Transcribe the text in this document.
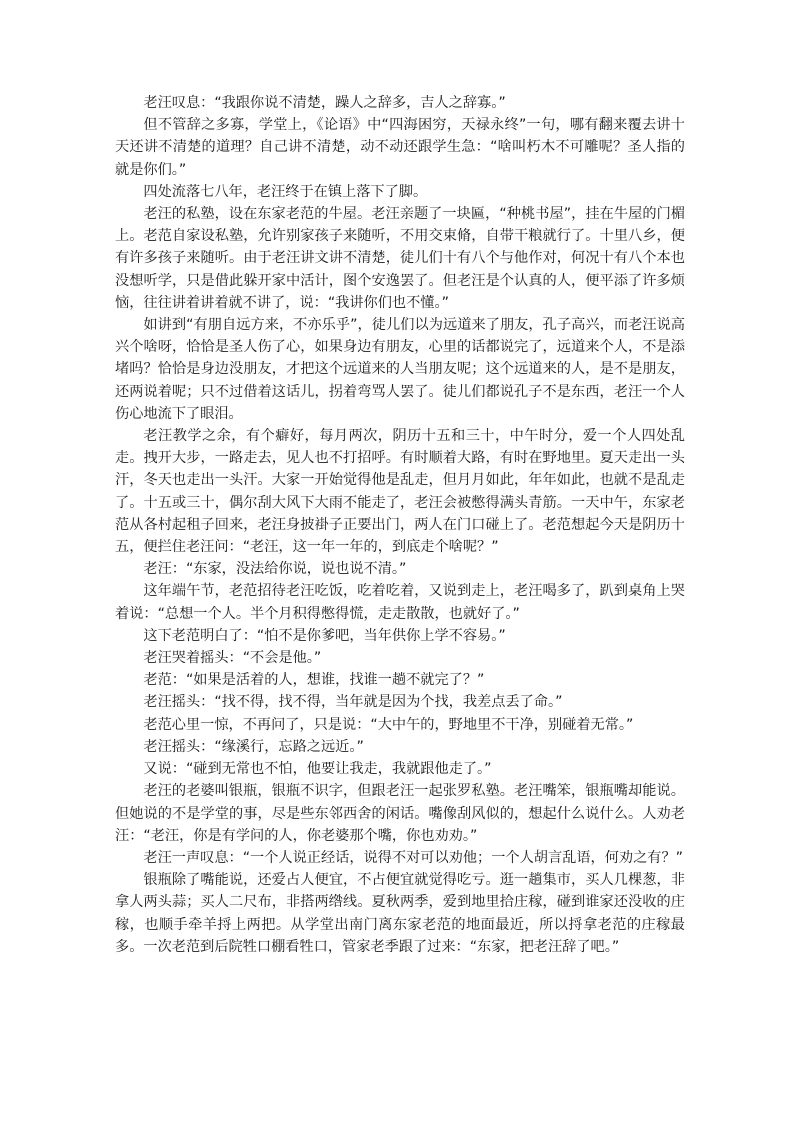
老汪叹息：“我跟你说不清楚，躁人之辞多，吉人之辞寡。”

但不管辞之多寡，学堂上，《论语》中“四海困穷，天禄永终”一句，哪有翻来覆去讲十天还讲不清楚的道理？自己讲不清楚，动不动还跟学生急：“啥叫朽木不可雕呢？圣人指的就是你们。”

四处流落七八年，老汪终于在镇上落下了脚。

老汪的私塾，设在东家老范的牛屋。老汪亲题了一块匾，“种桃书屋”，挂在牛屋的门楣上。老范自家设私塾，允许别家孩子来随听，不用交束脩，自带干粮就行了。十里八乡，便有许多孩子来随听。由于老汪讲文讲不清楚，徒儿们十有八个与他作对，何况十有八个本也没想听学，只是借此躲开家中活计，图个安逸罢了。但老汪是个认真的人，便平添了许多烦恼，往往讲着讲着就不讲了，说：“我讲你们也不懂。”

如讲到“有朋自远方来，不亦乐乎”，徒儿们以为远道来了朋友，孔子高兴，而老汪说高兴个啥呀，恰恰是圣人伤了心，如果身边有朋友，心里的话都说完了，远道来个人，不是添堵吗？恰恰是身边没朋友，才把这个远道来的人当朋友呢；这个远道来的人，是不是朋友，还两说着呢；只不过借着这话儿，拐着弯骂人罢了。徒儿们都说孔子不是东西，老汪一个人伤心地流下了眼泪。

老汪教学之余，有个癖好，每月两次，阴历十五和三十，中午时分，爱一个人四处乱走。拽开大步，一路走去，见人也不打招呼。有时顺着大路，有时在野地里。夏天走出一头汗，冬天也走出一头汗。大家一开始觉得他是乱走，但月月如此，年年如此，也就不是乱走了。十五或三十，偶尔刮大风下大雨不能走了，老汪会被憋得满头青筋。一天中午，东家老范从各村起租子回来，老汪身披褂子正要出门，两人在门口碰上了。老范想起今天是阴历十五，便拦住老汪问：“老汪，这一年一年的，到底走个啥呢？”

老汪：“东家，没法给你说，说也说不清。”

这年端午节，老范招待老汪吃饭，吃着吃着，又说到走上，老汪喝多了，趴到桌角上哭着说：“总想一个人。半个月积得憋得慌，走走散散，也就好了。”

这下老范明白了：“怕不是你爹吧，当年供你上学不容易。”

老汪哭着摇头：“不会是他。”

老范：“如果是活着的人，想谁，找谁一趟不就完了？”

老汪摇头：“找不得，找不得，当年就是因为个找，我差点丢了命。”

老范心里一惊，不再问了，只是说：“大中午的，野地里不干净，别碰着无常。”

老汪摇头：“缘溪行，忘路之远近。”

又说：“碰到无常也不怕，他要让我走，我就跟他走了。”

老汪的老婆叫银瓶，银瓶不识字，但跟老汪一起张罗私塾。老汪嘴笨，银瓶嘴却能说。但她说的不是学堂的事，尽是些东邻西舍的闲话。嘴像刮风似的，想起什么说什么。人劝老汪：“老汪，你是有学问的人，你老婆那个嘴，你也劝劝。”

老汪一声叹息：“一个人说正经话，说得不对可以劝他；一个人胡言乱语，何劝之有？”

银瓶除了嘴能说，还爱占人便宜，不占便宜就觉得吃亏。逛一趟集市，买人几棵葱，非拿人两头蒜；买人二尺布，非搭两绺线。夏秋两季，爱到地里拾庄稼，碰到谁家还没收的庄稼，也顺手牵羊捋上两把。从学堂出南门离东家老范的地面最近，所以捋拿老范的庄稼最多。一次老范到后院牲口棚看牲口，管家老季跟了过来：“东家，把老汪辞了吧。”
